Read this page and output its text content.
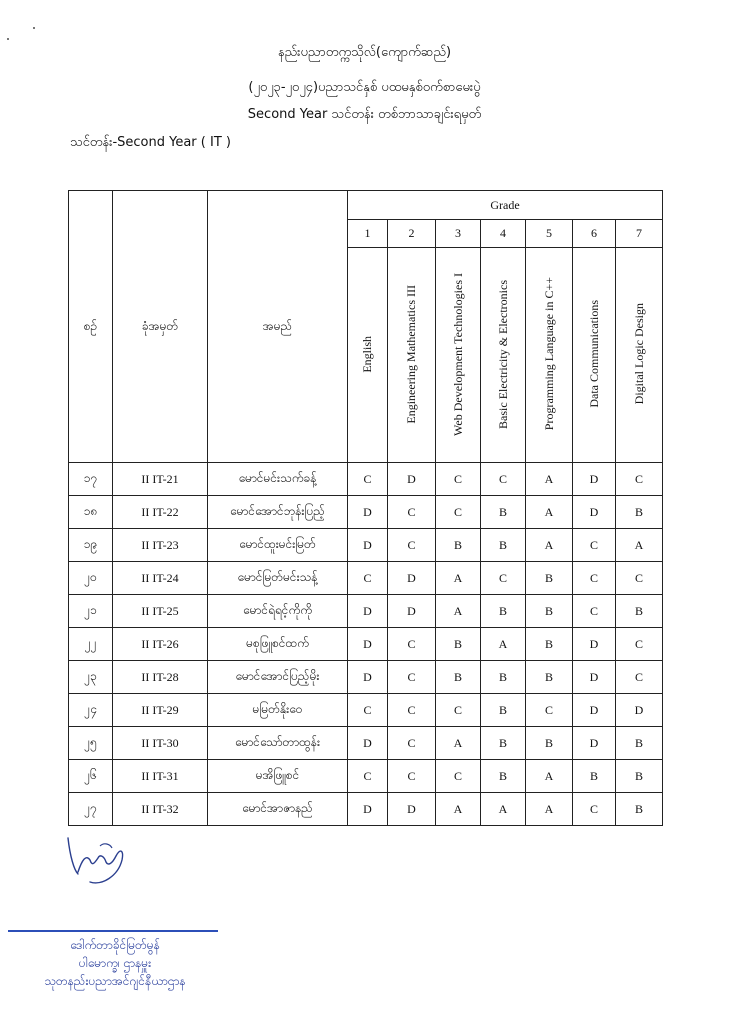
နည်းပညာတက္ကသိုလ်(ကျောက်ဆည်)
(၂၀၂၃-၂၀၂၄)ပညာသင်နှစ် ပထမနှစ်ဝက်စာမေးပွဲ
Second Year သင်တန်း တစ်ဘာသာချင်းရမှတ်
သင်တန်း-Second Year ( IT )
စဉ်	ခုံအမှတ်	အမည်	Grade						
			1	2	3	4	5	6	7
			English	Engineering Mathematics III	Web Development Technologies I	Basic Electricity & Electronics	Programming Language in C++	Data Communications	Digital Logic Design
၁၇	II IT-21	မောင်မင်းသက်ခန့်	C	D	C	C	A	D	C
၁၈	II IT-22	မောင်အောင်ဘုန်းပြည့်	D	C	C	B	A	D	B
၁၉	II IT-23	မောင်ထူးမင်းမြတ်	D	C	B	B	A	C	A
၂၀	II IT-24	မောင်မြတ်မင်းသန့်	C	D	A	C	B	C	C
၂၁	II IT-25	မောင်ရဲရင့်ကိုကို	D	D	A	B	B	C	B
၂၂	II IT-26	မစုဖြူစင်ထက်	D	C	B	A	B	D	C
၂၃	II IT-28	မောင်အောင်ပြည့်မိုး	D	C	B	B	B	D	C
၂၄	II IT-29	မမြတ်နိုးဝေ	C	C	C	B	C	D	D
၂၅	II IT-30	မောင်သော်တာထွန်း	D	C	A	B	B	D	B
၂၆	II IT-31	မအိဖြူစင်	C	C	C	B	A	B	B
၂၇	II IT-32	မောင်အာဇာနည်	D	D	A	A	A	C	B
ဒေါက်တာခိုင်မြတ်မွန်
ပါမောက္ခ၊ ဌာနမှူး
သုတနည်းပညာအင်ဂျင်နီယာဌာန
